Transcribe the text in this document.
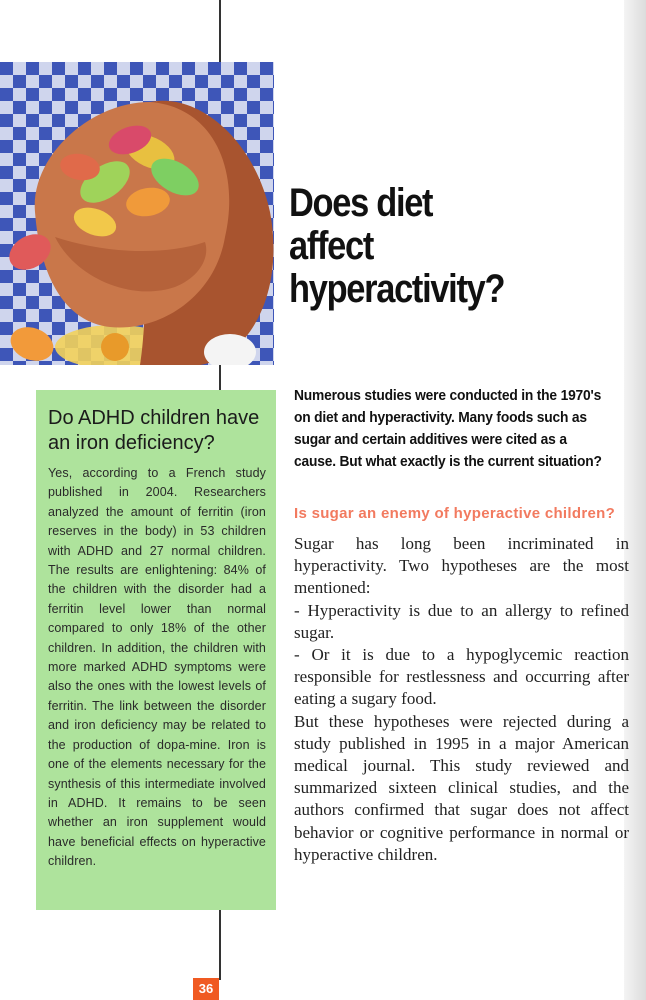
Does diet
affect
hyperactivity?
Do ADHD children have an iron deficiency?

Yes, according to a French study published in 2004. Researchers analyzed the amount of ferritin (iron reserves in the body) in 53 children with ADHD and 27 normal children. The results are enlightening: 84% of the children with the disorder had a ferritin level lower than normal compared to only 18% of the other children. In addition, the children with more marked ADHD symptoms were also the ones with the lowest levels of ferritin. The link between the disorder and iron deficiency may be related to the production of dopa-mine. Iron is one of the elements necessary for the synthesis of this intermediate involved in ADHD. It remains to be seen whether an iron supplement would have beneficial effects on hyperactive children.

Numerous studies were conducted in the 1970's on diet and hyperactivity. Many foods such as sugar and certain additives were cited as a cause. But what exactly is the current situation?

Is sugar an enemy of hyperactive children?
Sugar has long been incriminated in hyperactivity. Two hypotheses are the most mentioned:
- Hyperactivity is due to an allergy to refined sugar.
- Or it is due to a hypoglycemic reaction responsible for restlessness and occurring after eating a sugary food.
But these hypotheses were rejected during a study published in 1995 in a major American medical journal. This study reviewed and summarized sixteen clinical studies, and the authors confirmed that sugar does not affect behavior or cognitive performance in normal or hyperactive children.
36
